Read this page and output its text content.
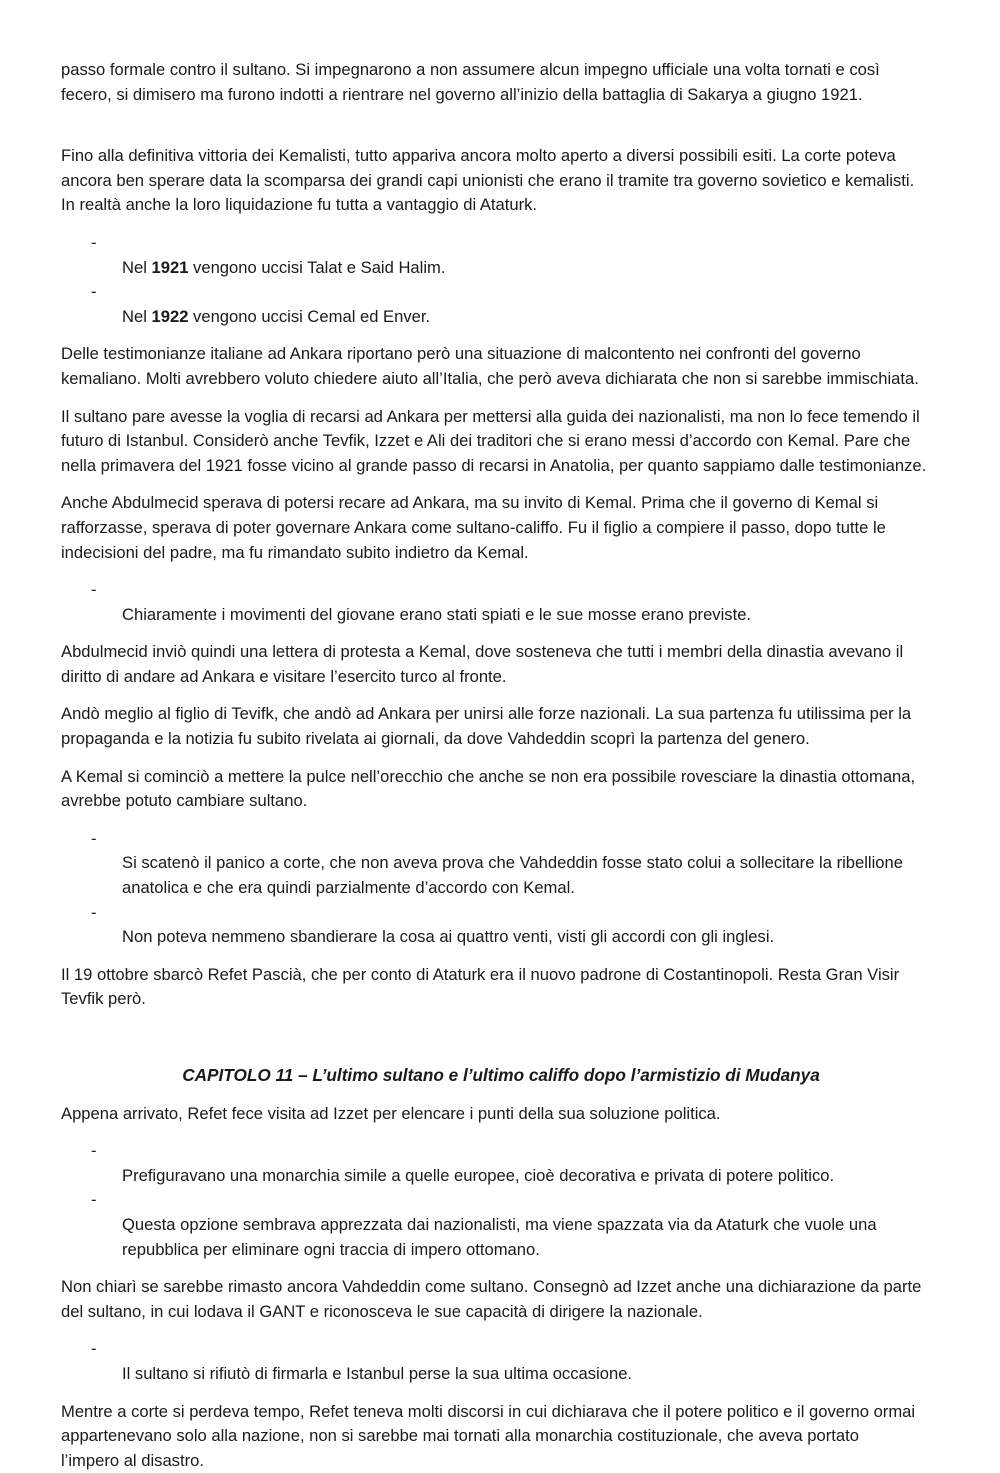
passo formale contro il sultano. Si impegnarono a non assumere alcun impegno ufficiale una volta tornati e così
fecero, si dimisero ma furono indotti a rientrare nel governo all’inizio della battaglia di Sakarya a giugno 1921.

Fino alla definitiva vittoria dei Kemalisti, tutto appariva ancora molto aperto a diversi possibili esiti. La corte poteva
ancora ben sperare data la scomparsa dei grandi capi unionisti che erano il tramite tra governo sovietico e kemalisti.
In realtà anche la loro liquidazione fu tutta a vantaggio di Ataturk.

-
Nel 1921 vengono uccisi Talat e Said Halim.

-
Nel 1922 vengono uccisi Cemal ed Enver.

Delle testimonianze italiane ad Ankara riportano però una situazione di malcontento nei confronti del governo
kemaliano. Molti avrebbero voluto chiedere aiuto all’Italia, che però aveva dichiarata che non si sarebbe immischiata.

Il sultano pare avesse la voglia di recarsi ad Ankara per mettersi alla guida dei nazionalisti, ma non lo fece temendo il
futuro di Istanbul. Considerò anche Tevfik, Izzet e Ali dei traditori che si erano messi d’accordo con Kemal. Pare che
nella primavera del 1921 fosse vicino al grande passo di recarsi in Anatolia, per quanto sappiamo dalle testimonianze.

Anche Abdulmecid sperava di potersi recare ad Ankara, ma su invito di Kemal. Prima che il governo di Kemal si
rafforzasse, sperava di poter governare Ankara come sultano-califfo. Fu il figlio a compiere il passo, dopo tutte le
indecisioni del padre, ma fu rimandato subito indietro da Kemal.

-
Chiaramente i movimenti del giovane erano stati spiati e le sue mosse erano previste.

Abdulmecid inviò quindi una lettera di protesta a Kemal, dove sosteneva che tutti i membri della dinastia avevano il
diritto di andare ad Ankara e visitare l’esercito turco al fronte.

Andò meglio al figlio di Tevifk, che andò ad Ankara per unirsi alle forze nazionali. La sua partenza fu utilissima per la
propaganda e la notizia fu subito rivelata ai giornali, da dove Vahdeddin scoprì la partenza del genero.

A Kemal si cominciò a mettere la pulce nell’orecchio che anche se non era possibile rovesciare la dinastia ottomana,
avrebbe potuto cambiare sultano.

-
Si scatenò il panico a corte, che non aveva prova che Vahdeddin fosse stato colui a sollecitare la ribellione
anatolica e che era quindi parzialmente d’accordo con Kemal.

-
Non poteva nemmeno sbandierare la cosa ai quattro venti, visti gli accordi con gli inglesi.

Il 19 ottobre sbarcò Refet Pascià, che per conto di Ataturk era il nuovo padrone di Costantinopoli. Resta Gran Visir
Tevfik però.

CAPITOLO 11 – L’ultimo sultano e l’ultimo califfo dopo l’armistizio di Mudanya

Appena arrivato, Refet fece visita ad Izzet per elencare i punti della sua soluzione politica.

-
Prefiguravano una monarchia simile a quelle europee, cioè decorativa e privata di potere politico.

-
Questa opzione sembrava apprezzata dai nazionalisti, ma viene spazzata via da Ataturk che vuole una
repubblica per eliminare ogni traccia di impero ottomano.

Non chiarì se sarebbe rimasto ancora Vahdeddin come sultano. Consegnò ad Izzet anche una dichiarazione da parte
del sultano, in cui lodava il GANT e riconosceva le sue capacità di dirigere la nazionale.

-
Il sultano si rifiutò di firmarla e Istanbul perse la sua ultima occasione.

Mentre a corte si perdeva tempo, Refet teneva molti discorsi in cui dichiarava che il potere politico e il governo ormai
appartenevano solo alla nazione, non si sarebbe mai tornati alla monarchia costituzionale, che aveva portato
l’impero al disastro.
